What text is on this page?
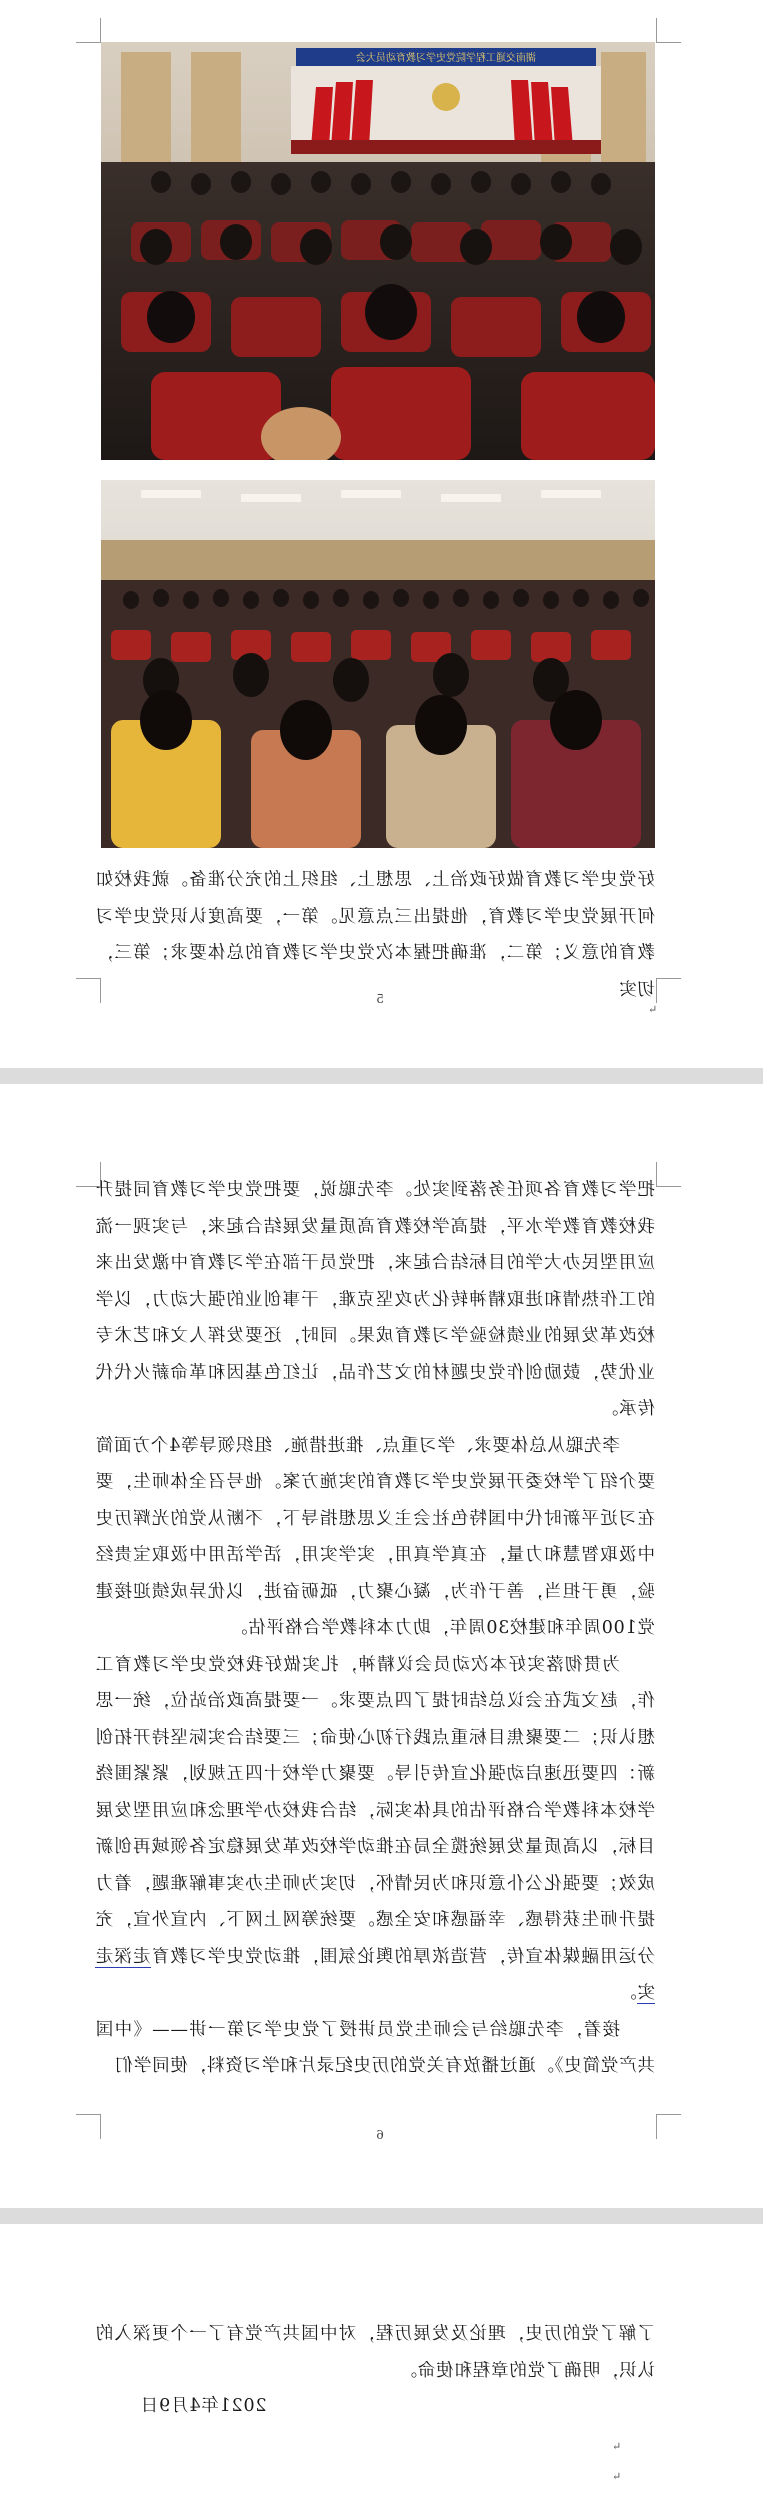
湖南交通工程学院党史学习教育动员大会

好党史学习教育做好政治上、思想上、组织上的充分准备。就我校如何开展党史学习教育，他提出三点意见。第一，要高度认识党史学习教育的意义；第二，准确把握本次党史学习教育的总体要求；第三，切实

↵
5

把学习教育各项任务落到实处。李先聪说，要把党史学习教育同提升我校教育教学水平，提高学校教育高质量发展结合起来，与实现一流应用型民办大学的目标结合起来，把党员干部在学习教育中激发出来的工作热情和进取精神转化为攻坚克难，干事创业的强大动力，以学校改革发展的业绩检验学习教育成果。同时，还要发挥人文和艺术专业优势，鼓励创作党史题材的文艺作品，让红色基因和革命薪火代代传承。

李先聪从总体要求、学习重点、推进措施、组织领导等4个方面简要介绍了学校委开展党史学习教育的实施方案。他号召全体师生，要在习近平新时代中国特色社会主义思想指导下，不断从党的光辉历史中汲取智慧和力量，在真学真用，实学实用，活学活用中汲取宝贵经验，勇于担当，善于作为，凝心聚力，砥砺奋进，以优异成绩迎接建党100周年和建校30周年，助力本科教学合格评估。

为贯彻落实好本次动员会议精神，扎实做好我校党史学习教育工作，赵文武在会议总结时提了四点要求。一要提高政治站位，统一思想认识；二要聚焦目标重点践行初心使命；三要结合实际坚持开拓创新：四要迅速启动强化宣传引导。要聚力学校十四五规划，紧紧围绕学校本科教学合格评估的具体实际，结合我校办学理念和应用型发展目标，以高质量发展统揽全局在推动学校改革发展稳定各领域再创新成效；要强化公仆意识和为民情怀，切实为师生办实事解难题，着力提升师生获得感、幸福感和安全感。要统筹网上网下、内宣外宣，充分运用融媒体宣传，营造浓厚的舆论氛围，推动党史学习教育走深走实。

接着，李先聪给与会师生党员讲授了党史学习第一讲——《中国共产党简史》。通过播放有关党的历史纪录片和学习资料，使同学们

6

了解了党的历史，理论及发展历程，对中国共产党有了一个更深入的认识，明确了党的章程和使命。

2021年4月9日
↵
↵
